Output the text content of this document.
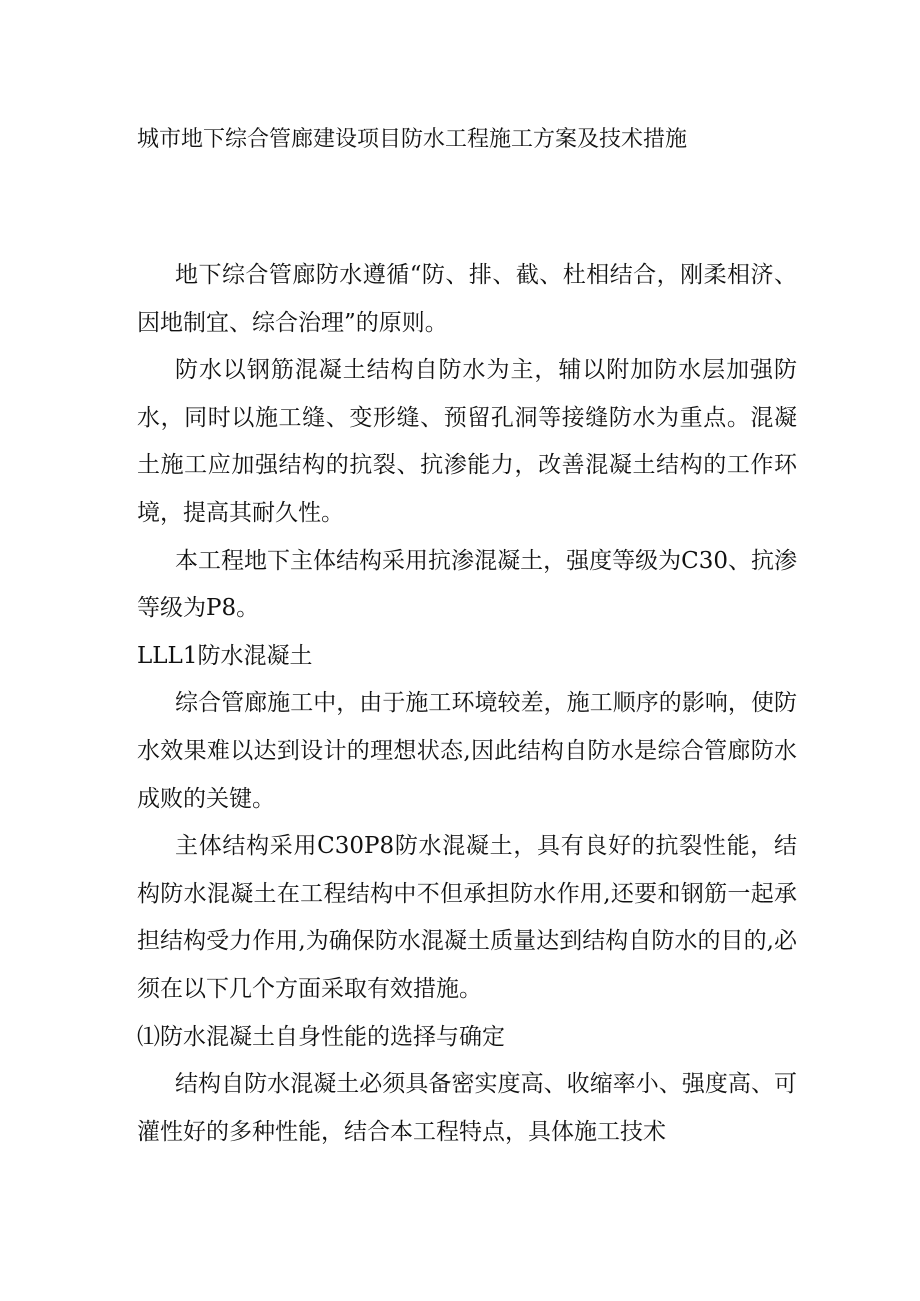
城市地下综合管廊建设项目防水工程施工方案及技术措施

地下综合管廊防水遵循“防、排、截、杜相结合，刚柔相济、因地制宜、综合治理”的原则。

防水以钢筋混凝土结构自防水为主，辅以附加防水层加强防水，同时以施工缝、变形缝、预留孔洞等接缝防水为重点。混凝土施工应加强结构的抗裂、抗渗能力，改善混凝土结构的工作环境，提高其耐久性。

本工程地下主体结构采用抗渗混凝土，强度等级为C30、抗渗等级为P8。

LLL1防水混凝土

综合管廊施工中，由于施工环境较差，施工顺序的影响，使防水效果难以达到设计的理想状态,因此结构自防水是综合管廊防水成败的关键。

主体结构采用C30P8防水混凝土，具有良好的抗裂性能，结构防水混凝土在工程结构中不但承担防水作用,还要和钢筋一起承担结构受力作用,为确保防水混凝土质量达到结构自防水的目的,必须在以下几个方面采取有效措施。

⑴防水混凝土自身性能的选择与确定

结构自防水混凝土必须具备密实度高、收缩率小、强度高、可灌性好的多种性能，结合本工程特点，具体施工技术
